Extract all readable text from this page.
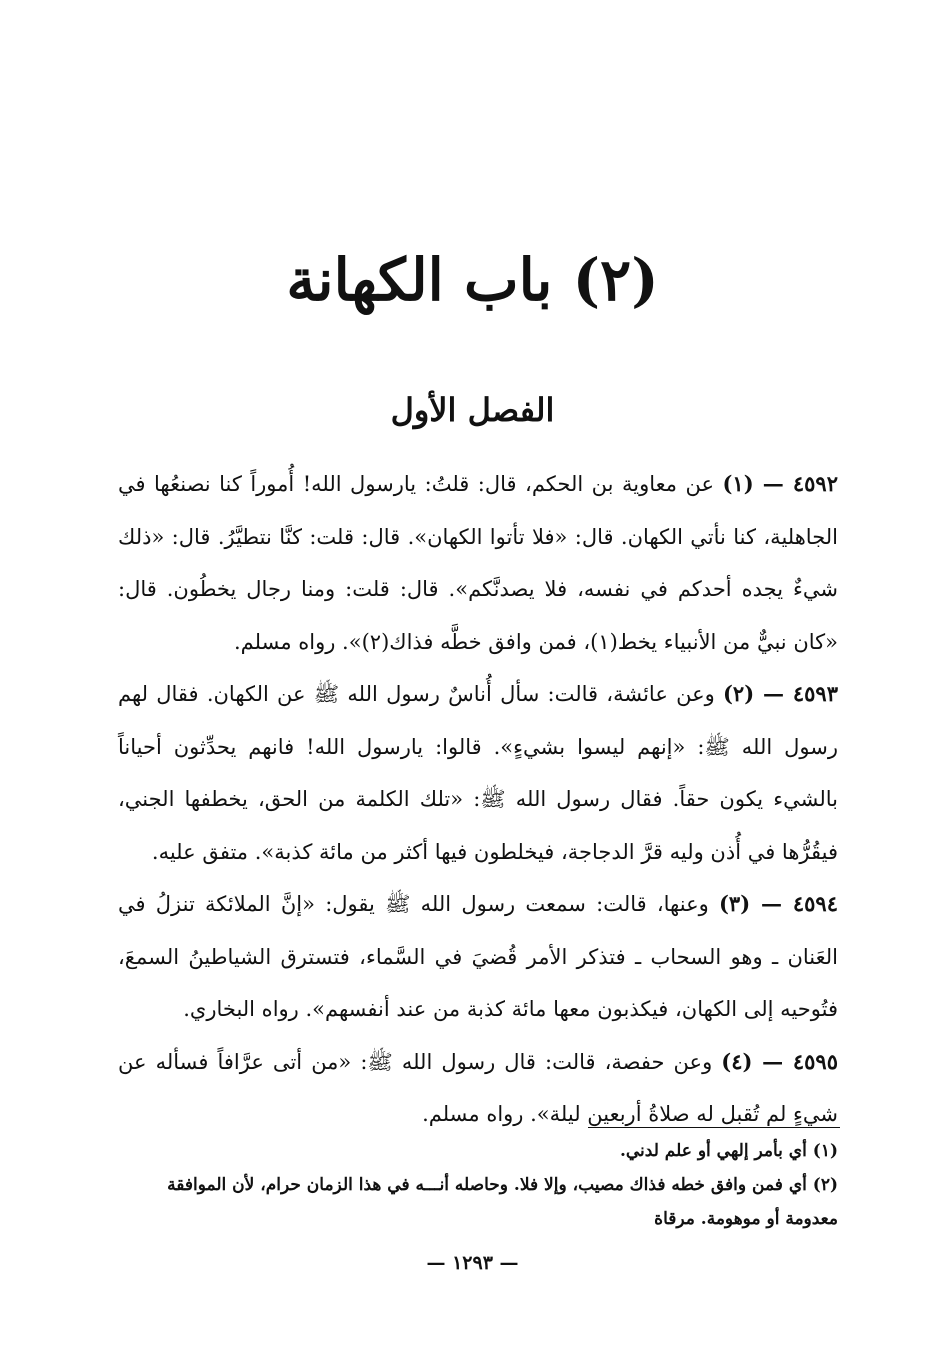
(٢) باب الكهانة
الفصل الأول

٤٥٩٢ — (١) عن معاوية بن الحكم، قال: قلتُ: يارسول الله! أُموراً كنا نصنعُها في الجاهلية، كنا نأتي الكهان. قال: «فلا تأتوا الكهان». قال: قلت: كنَّا نتطيَّرُ. قال: «ذلك شيءٌ يجده أحدكم في نفسه، فلا يصدنَّكم». قال: قلت: ومنا رجال يخطُون. قال: «كان نبيٌّ من الأنبياء يخط(١)، فمن وافق خطَّه فذاك(٢)». رواه مسلم.

٤٥٩٣ — (٢) وعن عائشة، قالت: سأل أُناسٌ رسول الله ﷺ عن الكهان. فقال لهم رسول الله ﷺ: «إنهم ليسوا بشيءٍ». قالوا: يارسول الله! فانهم يحدِّثون أحياناً بالشيء يكون حقاً. فقال رسول الله ﷺ: «تلك الكلمة من الحق، يخطفها الجني، فيقُرُّها في أُذن وليه قرَّ الدجاجة، فيخلطون فيها أكثر من مائة كذبة». متفق عليه.

٤٥٩٤ — (٣) وعنها، قالت: سمعت رسول الله ﷺ يقول: «إنَّ الملائكة تنزلُ في العَنان ـ وهو السحاب ـ فتذكر الأمر قُضيَ في السَّماء، فتسترق الشياطينُ السمعَ، فتُوحيه إلى الكهان، فيكذبون معها مائة كذبة من عند أنفسهم». رواه البخاري.

٤٥٩٥ — (٤) وعن حفصة، قالت: قال رسول الله ﷺ: «من أتى عرَّافاً فسأله عن شيءٍ لم تُقبل له صلاةُ أربعين ليلة». رواه مسلم.

(١) أي بأمر إلهي أو علم لدني.

(٢) أي فمن وافق خطه فذاك مصيب، وإلا فلا. وحاصله أنـــه في هذا الزمان حرام، لأن الموافقة معدومة أو موهومة. مرقاة

— ١٢٩٣ —
